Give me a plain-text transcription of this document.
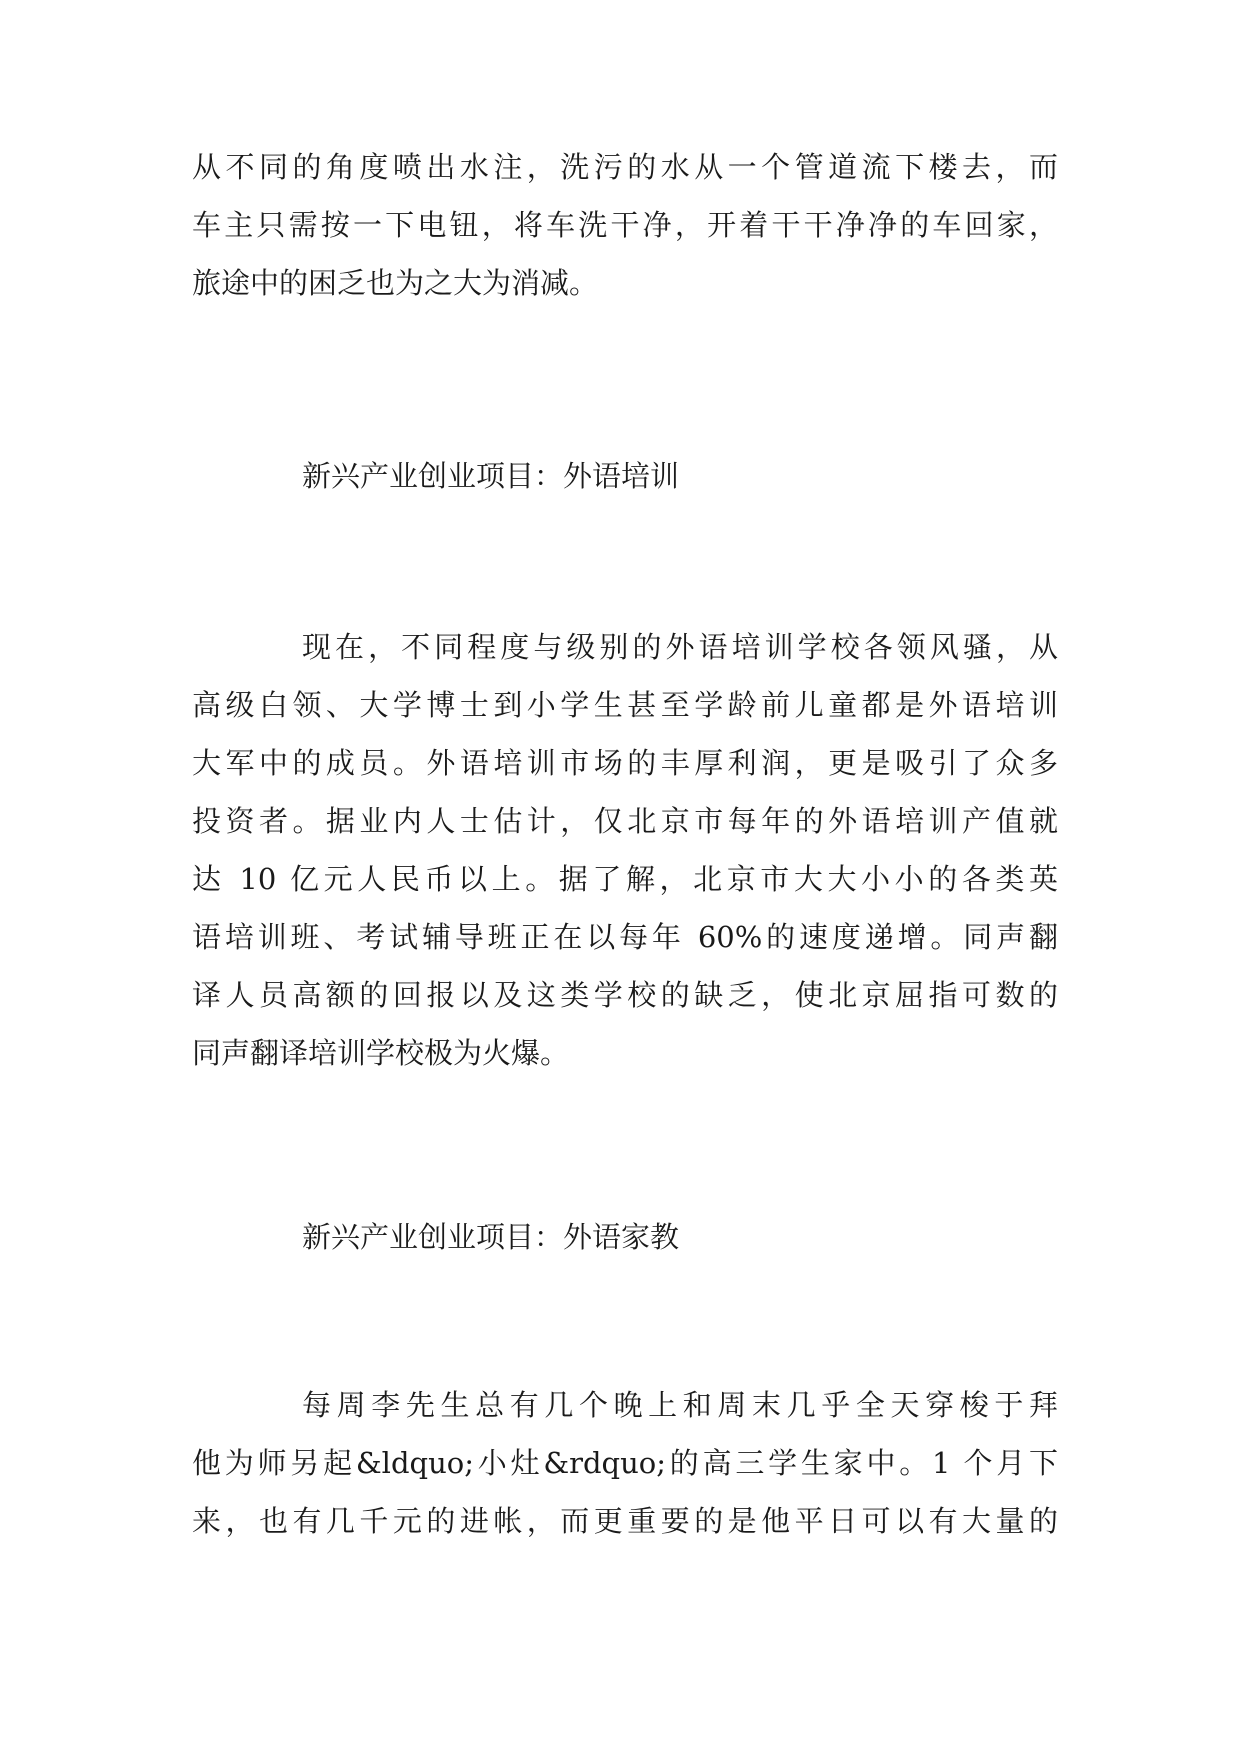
从不同的角度喷出水注，洗污的水从一个管道流下楼去，而
车主只需按一下电钮，将车洗干净，开着干干净净的车回家，
旅途中的困乏也为之大为消减。
新兴产业创业项目：外语培训
现在，不同程度与级别的外语培训学校各领风骚，从
高级白领、大学博士到小学生甚至学龄前儿童都是外语培训
大军中的成员。外语培训市场的丰厚利润，更是吸引了众多
投资者。据业内人士估计，仅北京市每年的外语培训产值就
达 10 亿元人民币以上。据了解，北京市大大小小的各类英
语培训班、考试辅导班正在以每年 60%的速度递增。同声翻
译人员高额的回报以及这类学校的缺乏，使北京屈指可数的
同声翻译培训学校极为火爆。
新兴产业创业项目：外语家教
每周李先生总有几个晚上和周末几乎全天穿梭于拜
他为师另起&ldquo;小灶&rdquo;的高三学生家中。1 个月下
来，也有几千元的进帐，而更重要的是他平日可以有大量的
